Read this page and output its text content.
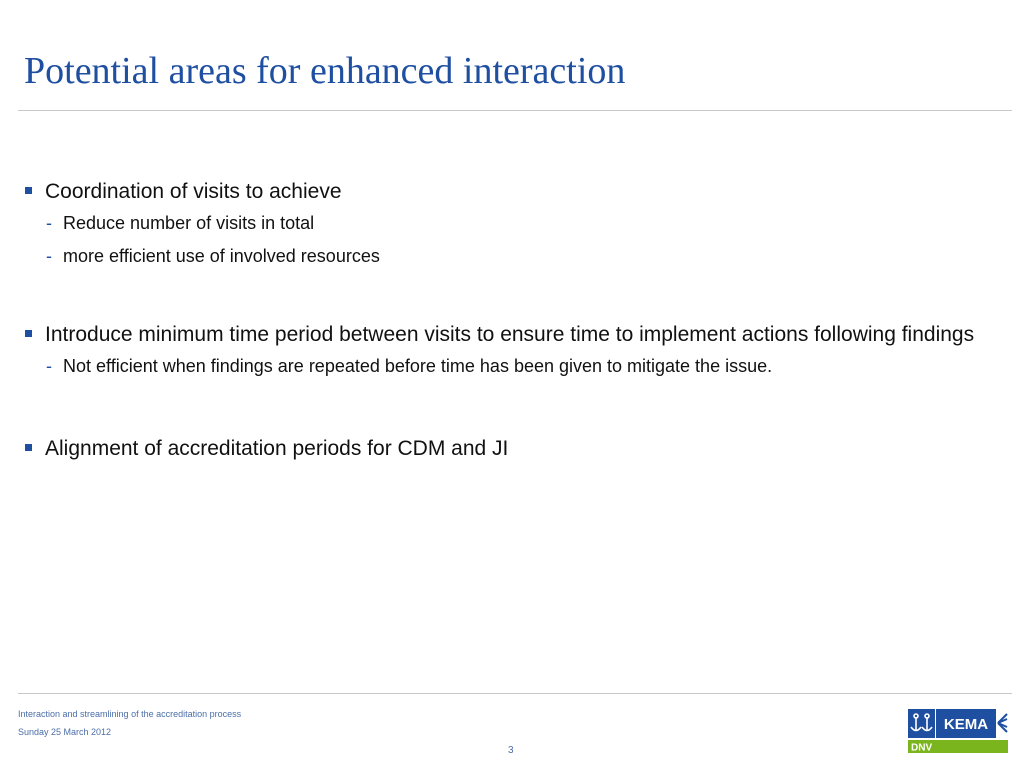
Potential areas for enhanced interaction
Coordination of visits to achieve
- Reduce number of visits in total
- more efficient use of involved resources
Introduce minimum time period between visits to ensure time to implement actions following findings
- Not efficient when findings are repeated before time has been given to mitigate the issue.
Alignment of accreditation periods for CDM and JI
Interaction and streamlining of the accreditation process
Sunday 25 March 2012
3
KEMA
DNV
